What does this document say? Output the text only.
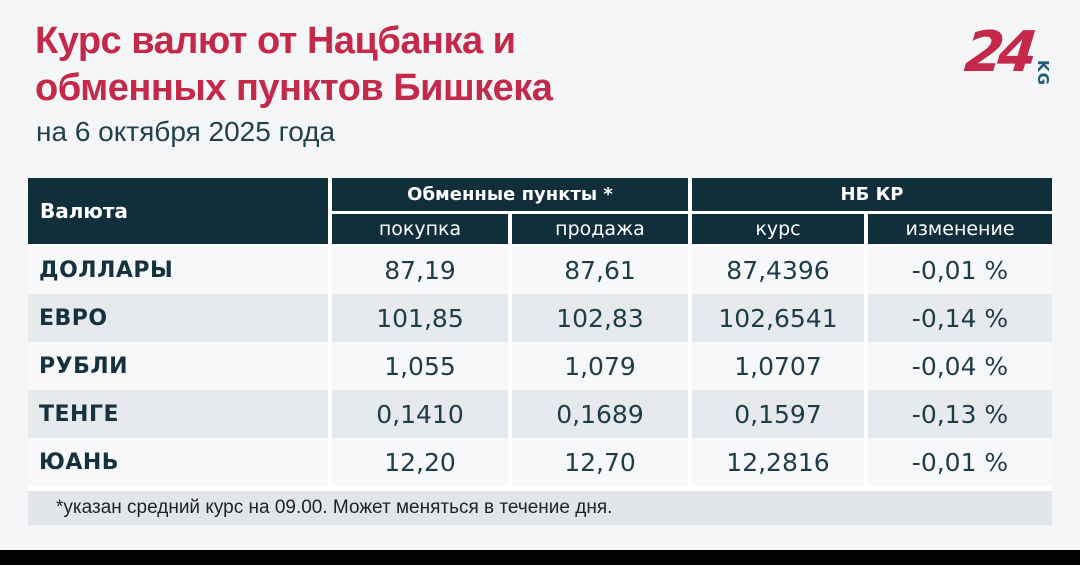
Курс валют от Нацбанка и
обменных пунктов Бишкека
на 6 октября 2025 года
24 KG
Валюта
Обменные пункты *	НБ КР
покупка	продажа	курс	изменение
ДОЛЛАРЫ	87,19	87,61	87,4396	-0,01 %
ЕВРО	101,85	102,83	102,6541	-0,14 %
РУБЛИ	1,055	1,079	1,0707	-0,04 %
ТЕНГЕ	0,1410	0,1689	0,1597	-0,13 %
ЮАНЬ	12,20	12,70	12,2816	-0,01 %
*указан средний курс на 09.00. Может меняться в течение дня.
